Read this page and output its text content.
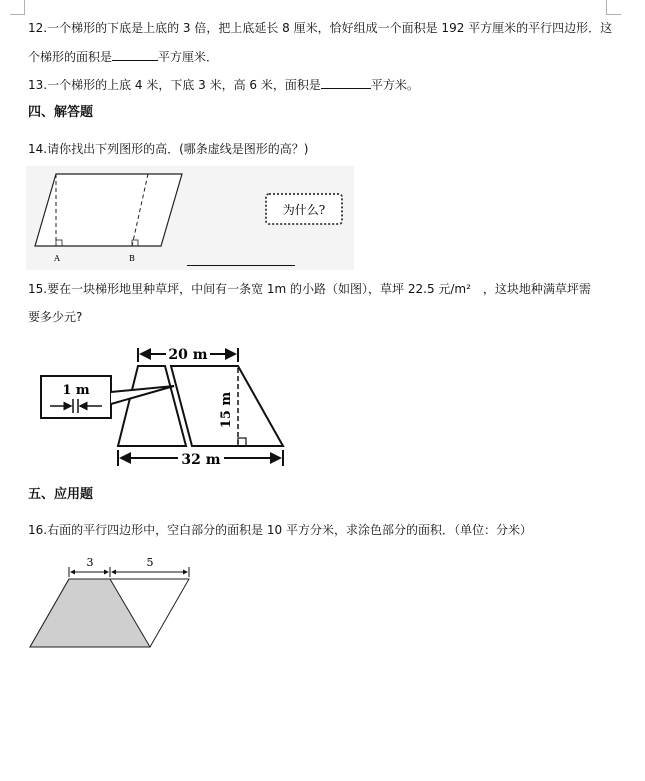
12.一个梯形的下底是上底的 3 倍，把上底延长 8 厘米，恰好组成一个面积是 192 平方厘米的平行四边形．这
个梯形的面积是	平方厘米．
13.一个梯形的上底 4 米，下底 3 米，高 6 米，面积是	平方米。
四、解答题
14.请你找出下列图形的高．(哪条虚线是图形的高？)
A	B
为什么?
15.要在一块梯形地里种草坪，中间有一条宽 1m 的小路（如图），草坪 22.5 元/m²　，这块地种满草坪需
要多少元?
20 m
1 m
15 m
32 m
五、应用题
16.右面的平行四边形中，空白部分的面积是 10 平方分米，求涂色部分的面积．（单位：分米）
3	5
